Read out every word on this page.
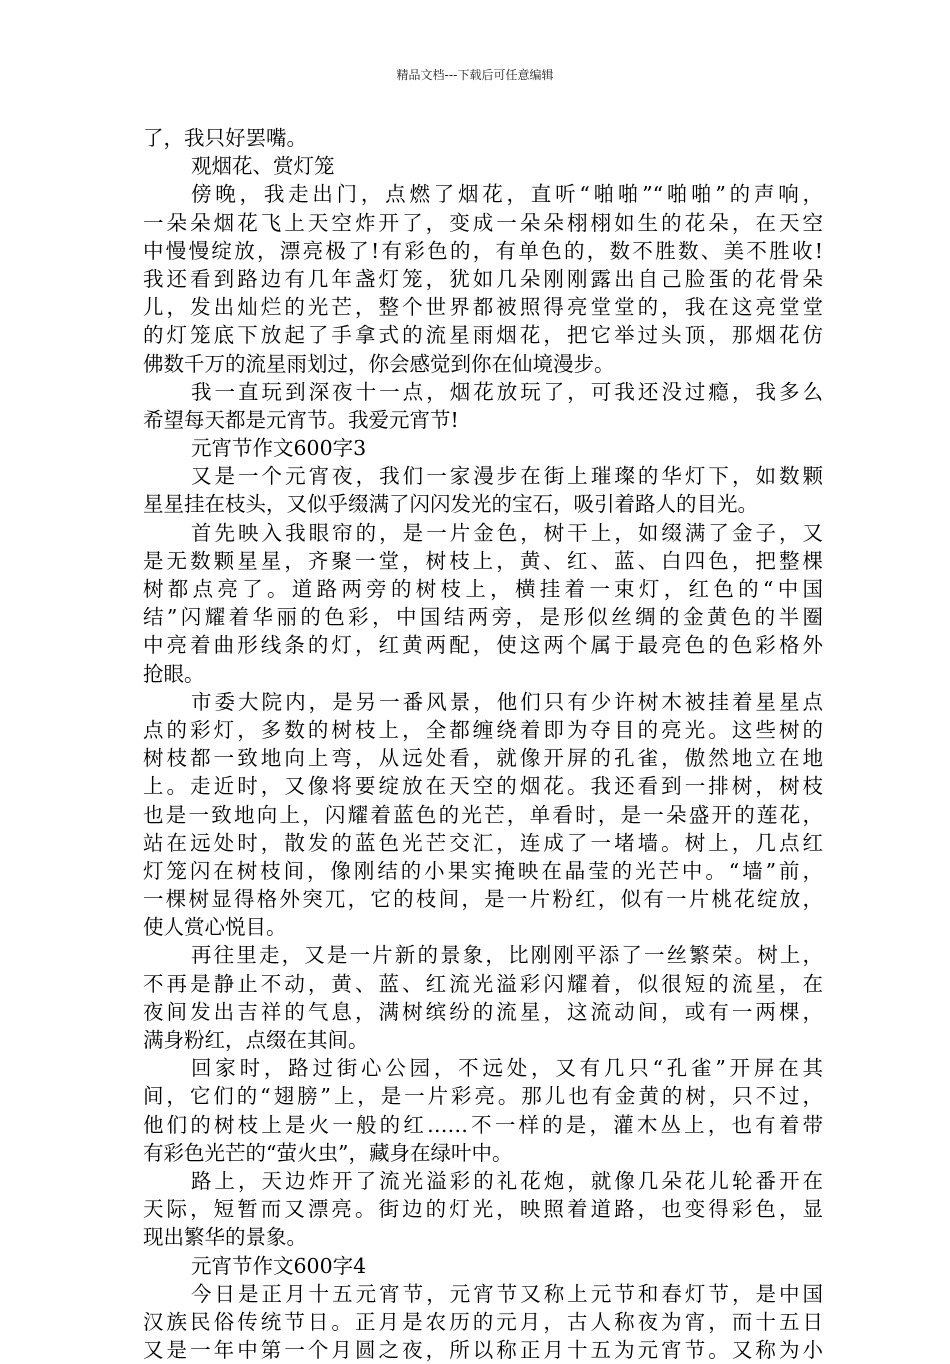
精品文档---下载后可任意编辑
了，我只好罢嘴。
观烟花、赏灯笼
傍晚，我走出门，点燃了烟花，直听“啪啪”“啪啪”的声响，
一朵朵烟花飞上天空炸开了，变成一朵朵栩栩如生的花朵，在天空
中慢慢绽放，漂亮极了!有彩色的，有单色的，数不胜数、美不胜收!
我还看到路边有几年盏灯笼，犹如几朵刚刚露出自己脸蛋的花骨朵
儿，发出灿烂的光芒，整个世界都被照得亮堂堂的，我在这亮堂堂
的灯笼底下放起了手拿式的流星雨烟花，把它举过头顶，那烟花仿
佛数千万的流星雨划过，你会感觉到你在仙境漫步。
我一直玩到深夜十一点，烟花放玩了，可我还没过瘾，我多么
希望每天都是元宵节。我爱元宵节!
元宵节作文600字3
又是一个元宵夜，我们一家漫步在街上璀璨的华灯下，如数颗
星星挂在枝头，又似乎缀满了闪闪发光的宝石，吸引着路人的目光。
首先映入我眼帘的，是一片金色，树干上，如缀满了金子，又
是无数颗星星，齐聚一堂，树枝上，黄、红、蓝、白四色，把整棵
树都点亮了。道路两旁的树枝上，横挂着一束灯，红色的“中国
结”闪耀着华丽的色彩，中国结两旁，是形似丝绸的金黄色的半圈
中亮着曲形线条的灯，红黄两配，使这两个属于最亮色的色彩格外
抢眼。
市委大院内，是另一番风景，他们只有少许树木被挂着星星点
点的彩灯，多数的树枝上，全都缠绕着即为夺目的亮光。这些树的
树枝都一致地向上弯，从远处看，就像开屏的孔雀，傲然地立在地
上。走近时，又像将要绽放在天空的烟花。我还看到一排树，树枝
也是一致地向上，闪耀着蓝色的光芒，单看时，是一朵盛开的莲花，
站在远处时，散发的蓝色光芒交汇，连成了一堵墙。树上，几点红
灯笼闪在树枝间，像刚结的小果实掩映在晶莹的光芒中。“墙”前，
一棵树显得格外突兀，它的枝间，是一片粉红，似有一片桃花绽放，
使人赏心悦目。
再往里走，又是一片新的景象，比刚刚平添了一丝繁荣。树上，
不再是静止不动，黄、蓝、红流光溢彩闪耀着，似很短的流星，在
夜间发出吉祥的气息，满树缤纷的流星，这流动间，或有一两棵，
满身粉红，点缀在其间。
回家时，路过街心公园，不远处，又有几只“孔雀”开屏在其
间，它们的“翅膀”上，是一片彩亮。那儿也有金黄的树，只不过，
他们的树枝上是火一般的红……不一样的是，灌木丛上，也有着带
有彩色光芒的“萤火虫”，藏身在绿叶中。
路上，天边炸开了流光溢彩的礼花炮，就像几朵花儿轮番开在
天际，短暂而又漂亮。街边的灯光，映照着道路，也变得彩色，显
现出繁华的景象。
元宵节作文600字4
今日是正月十五元宵节，元宵节又称上元节和春灯节，是中国
汉族民俗传统节日。正月是农历的元月，古人称夜为宵，而十五日
又是一年中第一个月圆之夜，所以称正月十五为元宵节。又称为小
